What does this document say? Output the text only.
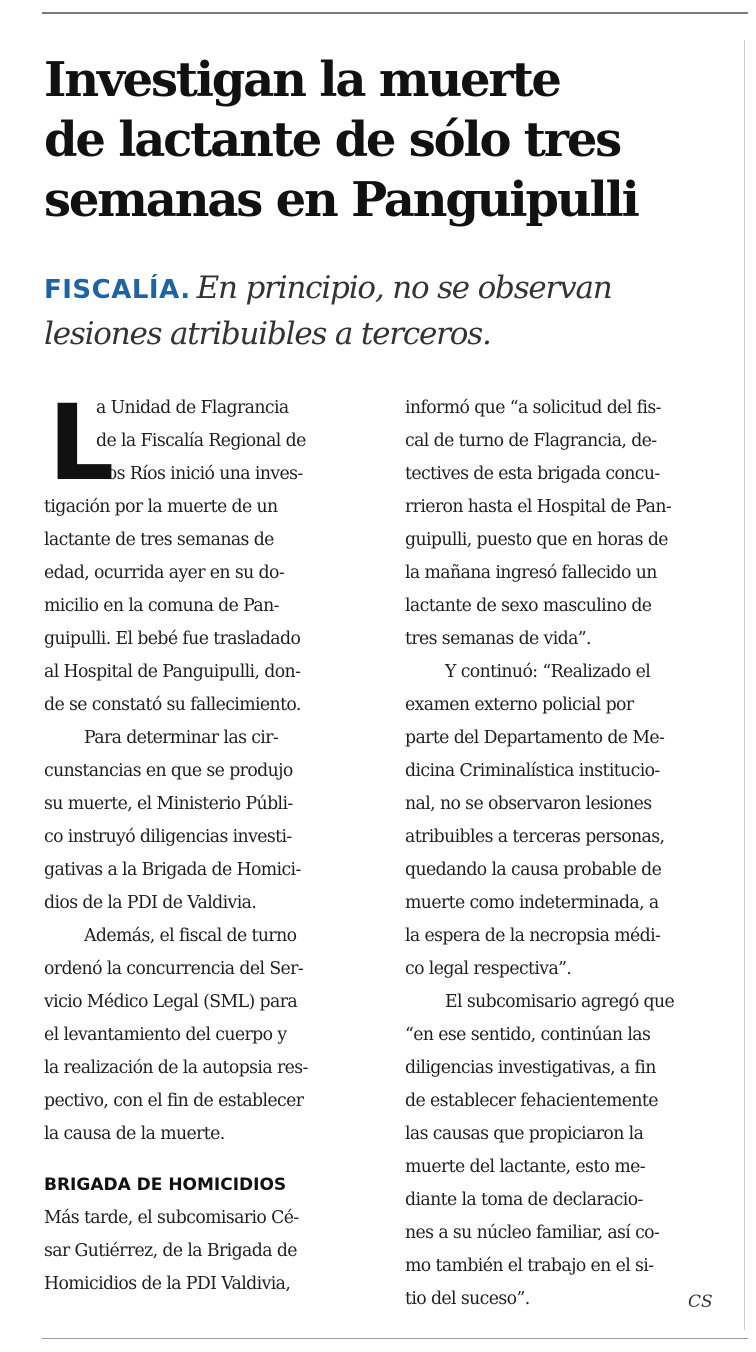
Investigan la muerte
de lactante de sólo tres
semanas en Panguipulli

FISCALÍA. En principio, no se observan
lesiones atribuibles a terceros.

L
a Unidad de Flagrancia
de la Fiscalía Regional de
Los Ríos inició una inves-
tigación por la muerte de un
lactante de tres semanas de
edad, ocurrida ayer en su do-
micilio en la comuna de Pan-
guipulli. El bebé fue trasladado
al Hospital de Panguipulli, don-
de se constató su fallecimiento.
Para determinar las cir-
cunstancias en que se produjo
su muerte, el Ministerio Públi-
co instruyó diligencias investi-
gativas a la Brigada de Homici-
dios de la PDI de Valdivia.
Además, el fiscal de turno
ordenó la concurrencia del Ser-
vicio Médico Legal (SML) para
el levantamiento del cuerpo y
la realización de la autopsia res-
pectivo, con el fin de establecer
la causa de la muerte.
BRIGADA DE HOMICIDIOS
Más tarde, el subcomisario Cé-
sar Gutiérrez, de la Brigada de
Homicidios de la PDI Valdivia,
informó que “a solicitud del fis-
cal de turno de Flagrancia, de-
tectives de esta brigada concu-
rrieron hasta el Hospital de Pan-
guipulli, puesto que en horas de
la mañana ingresó fallecido un
lactante de sexo masculino de
tres semanas de vida”.
Y continuó: “Realizado el
examen externo policial por
parte del Departamento de Me-
dicina Criminalística institucio-
nal, no se observaron lesiones
atribuibles a terceras personas,
quedando la causa probable de
muerte como indeterminada, a
la espera de la necropsia médi-
co legal respectiva”.
El subcomisario agregó que
“en ese sentido, continúan las
diligencias investigativas, a fin
de establecer fehacientemente
las causas que propiciaron la
muerte del lactante, esto me-
diante la toma de declaracio-
nes a su núcleo familiar, así co-
mo también el trabajo en el si-
tio del suceso”.	CS
